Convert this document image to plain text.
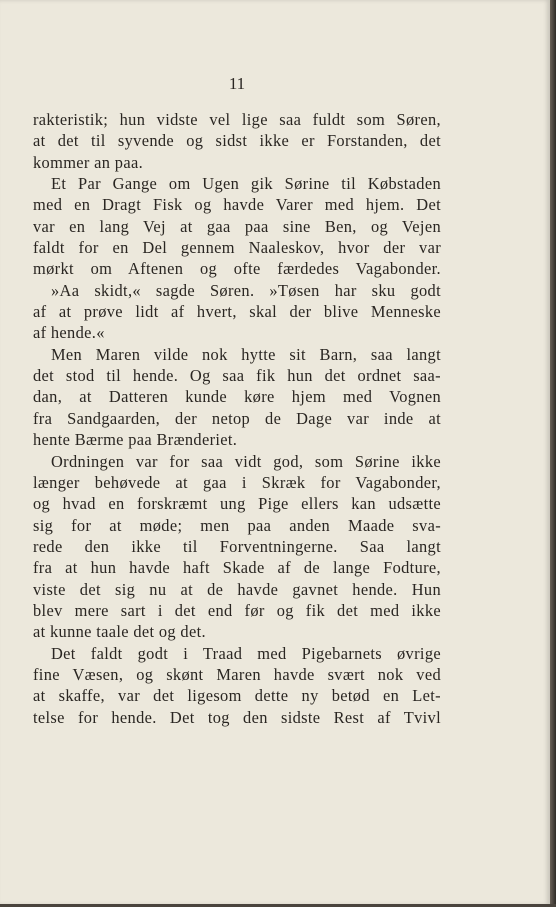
11
rakteristik; hun vidste vel lige saa fuldt som Søren,
at det til syvende og sidst ikke er Forstanden, det
kommer an paa.
Et Par Gange om Ugen gik Sørine til Købstaden
med en Dragt Fisk og havde Varer med hjem. Det
var en lang Vej at gaa paa sine Ben, og Vejen
faldt for en Del gennem Naaleskov, hvor der var
mørkt om Aftenen og ofte færdedes Vagabonder.
»Aa skidt,« sagde Søren. »Tøsen har sku godt
af at prøve lidt af hvert, skal der blive Menneske
af hende.«
Men Maren vilde nok hytte sit Barn, saa langt
det stod til hende. Og saa fik hun det ordnet saa-
dan, at Datteren kunde køre hjem med Vognen
fra Sandgaarden, der netop de Dage var inde at
hente Bærme paa Brænderiet.
Ordningen var for saa vidt god, som Sørine ikke
længer behøvede at gaa i Skræk for Vagabonder,
og hvad en forskræmt ung Pige ellers kan udsætte
sig for at møde; men paa anden Maade sva-
rede den ikke til Forventningerne. Saa langt
fra at hun havde haft Skade af de lange Fodture,
viste det sig nu at de havde gavnet hende. Hun
blev mere sart i det end før og fik det med ikke
at kunne taale det og det.
Det faldt godt i Traad med Pigebarnets øvrige
fine Væsen, og skønt Maren havde svært nok ved
at skaffe, var det ligesom dette ny betød en Let-
telse for hende. Det tog den sidste Rest af Tvivl
